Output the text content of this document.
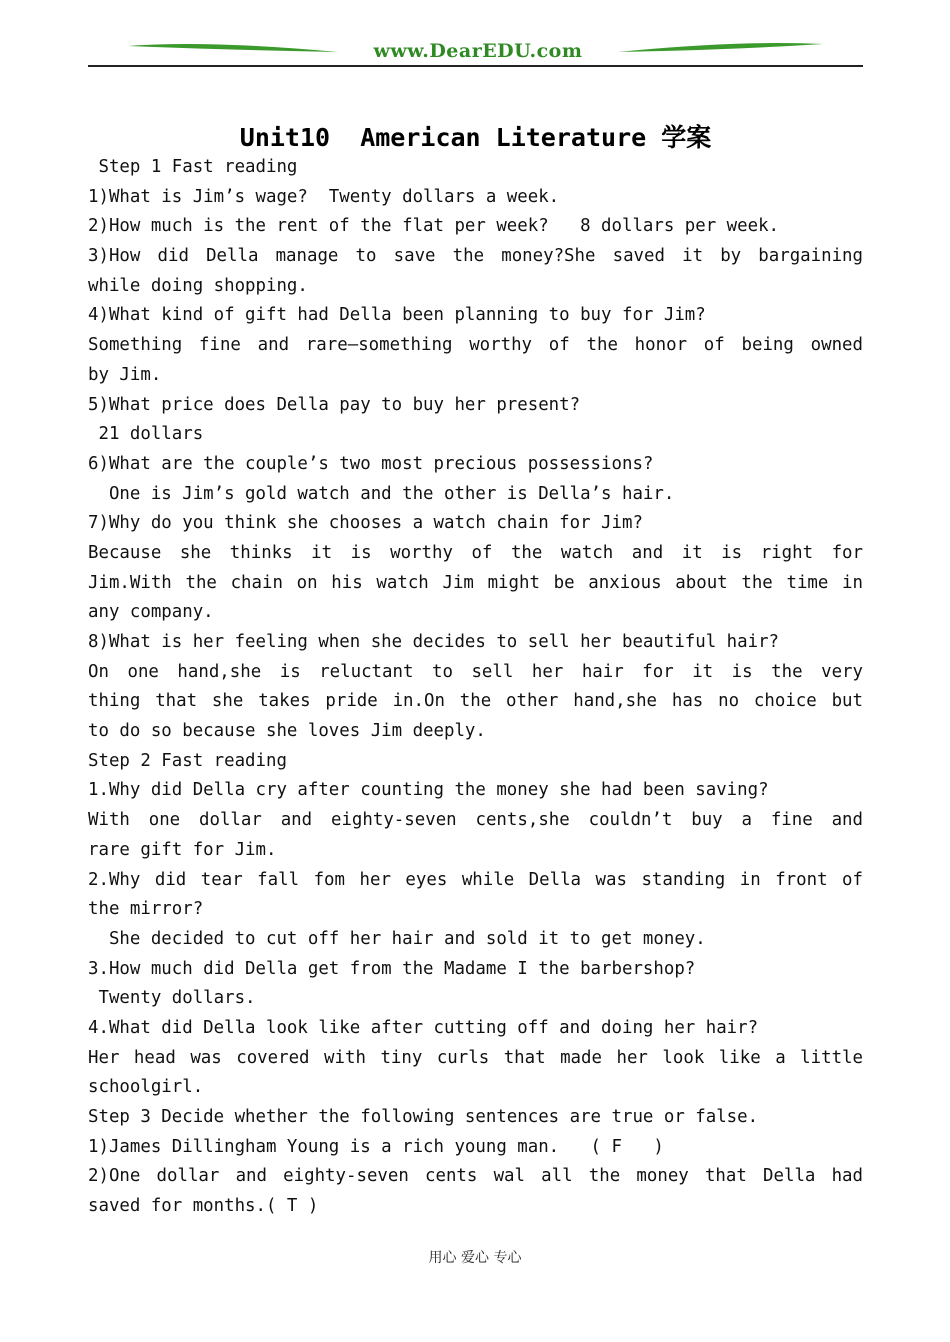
www.DearEDU.com
Unit10  American Literature 学案
Step 1 Fast reading
1)What is Jim’s wage?  Twenty dollars a week.
2)How much is the rent of the flat per week?   8 dollars per week.
3)How did Della manage to save the money?She saved it by bargaining
while doing shopping.
4)What kind of gift had Della been planning to buy for Jim?
Something fine and rare—something worthy of the honor of being owned
by Jim.
5)What price does Della pay to buy her present?
21 dollars
6)What are the couple’s two most precious possessions?
One is Jim’s gold watch and the other is Della’s hair.
7)Why do you think she chooses a watch chain for Jim?
Because she thinks it is worthy of the watch and it is right for
Jim.With the chain on his watch Jim might be anxious about the time in
any company.
8)What is her feeling when she decides to sell her beautiful hair?
On one hand,she is reluctant to sell her hair for it is the very
thing that she takes pride in.On the other hand,she has no choice but
to do so because she loves Jim deeply.
Step 2 Fast reading
1.Why did Della cry after counting the money she had been saving?
With one dollar and eighty-seven cents,she couldn’t buy a fine and
rare gift for Jim.
2.Why did tear fall fom her eyes while Della was standing in front of
the mirror?
She decided to cut off her hair and sold it to get money.
3.How much did Della get from the Madame I the barbershop?
Twenty dollars.
4.What did Della look like after cutting off and doing her hair?
Her head was covered with tiny curls that made her look like a little
schoolgirl.
Step 3 Decide whether the following sentences are true or false.
1)James Dillingham Young is a rich young man.   ( F   )
2)One dollar and eighty-seven cents wal all the money that Della had
saved for months.( T )
用心 爱心 专心
